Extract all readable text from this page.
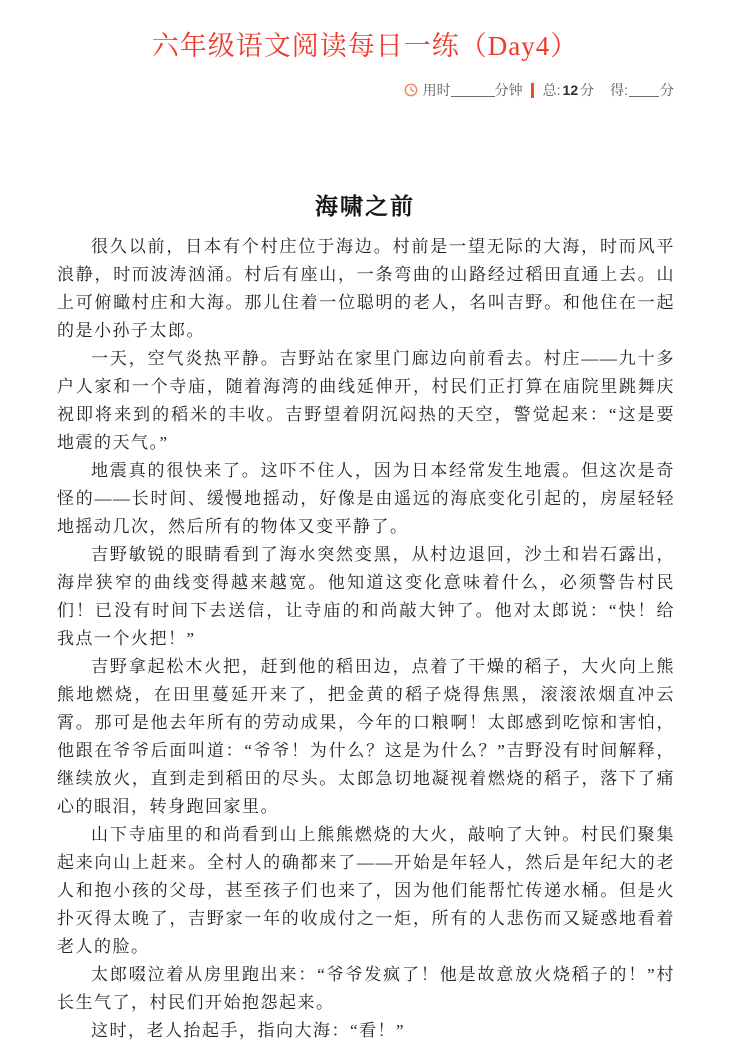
六年级语文阅读每日一练（Day4）
用时	分钟 总: 12 分 得: 分
海啸之前

很久以前，日本有个村庄位于海边。村前是一望无际的大海，时而风平浪静，时而波涛汹涌。村后有座山，一条弯曲的山路经过稻田直通上去。山上可俯瞰村庄和大海。那儿住着一位聪明的老人，名叫吉野。和他住在一起的是小孙子太郎。

一天，空气炎热平静。吉野站在家里门廊边向前看去。村庄——九十多户人家和一个寺庙，随着海湾的曲线延伸开，村民们正打算在庙院里跳舞庆祝即将来到的稻米的丰收。吉野望着阴沉闷热的天空，警觉起来：“这是要地震的天气。”

地震真的很快来了。这吓不住人，因为日本经常发生地震。但这次是奇怪的——长时间、缓慢地摇动，好像是由遥远的海底变化引起的，房屋轻轻地摇动几次，然后所有的物体又变平静了。

吉野敏锐的眼睛看到了海水突然变黑，从村边退回，沙土和岩石露出，海岸狭窄的曲线变得越来越宽。他知道这变化意味着什么，必须警告村民们！已没有时间下去送信，让寺庙的和尚敲大钟了。他对太郎说：“快！给我点一个火把！”

吉野拿起松木火把，赶到他的稻田边，点着了干燥的稻子，大火向上熊熊地燃烧，在田里蔓延开来了，把金黄的稻子烧得焦黑，滚滚浓烟直冲云霄。那可是他去年所有的劳动成果，今年的口粮啊！太郎感到吃惊和害怕，他跟在爷爷后面叫道：“爷爷！为什么？这是为什么？”吉野没有时间解释，继续放火，直到走到稻田的尽头。太郎急切地凝视着燃烧的稻子，落下了痛心的眼泪，转身跑回家里。

山下寺庙里的和尚看到山上熊熊燃烧的大火，敲响了大钟。村民们聚集起来向山上赶来。全村人的确都来了——开始是年轻人，然后是年纪大的老人和抱小孩的父母，甚至孩子们也来了，因为他们能帮忙传递水桶。但是火扑灭得太晚了，吉野家一年的收成付之一炬，所有的人悲伤而又疑惑地看着老人的脸。

太郎啜泣着从房里跑出来：“爷爷发疯了！他是故意放火烧稻子的！”村长生气了，村民们开始抱怨起来。

这时，老人抬起手，指向大海：“看！”
